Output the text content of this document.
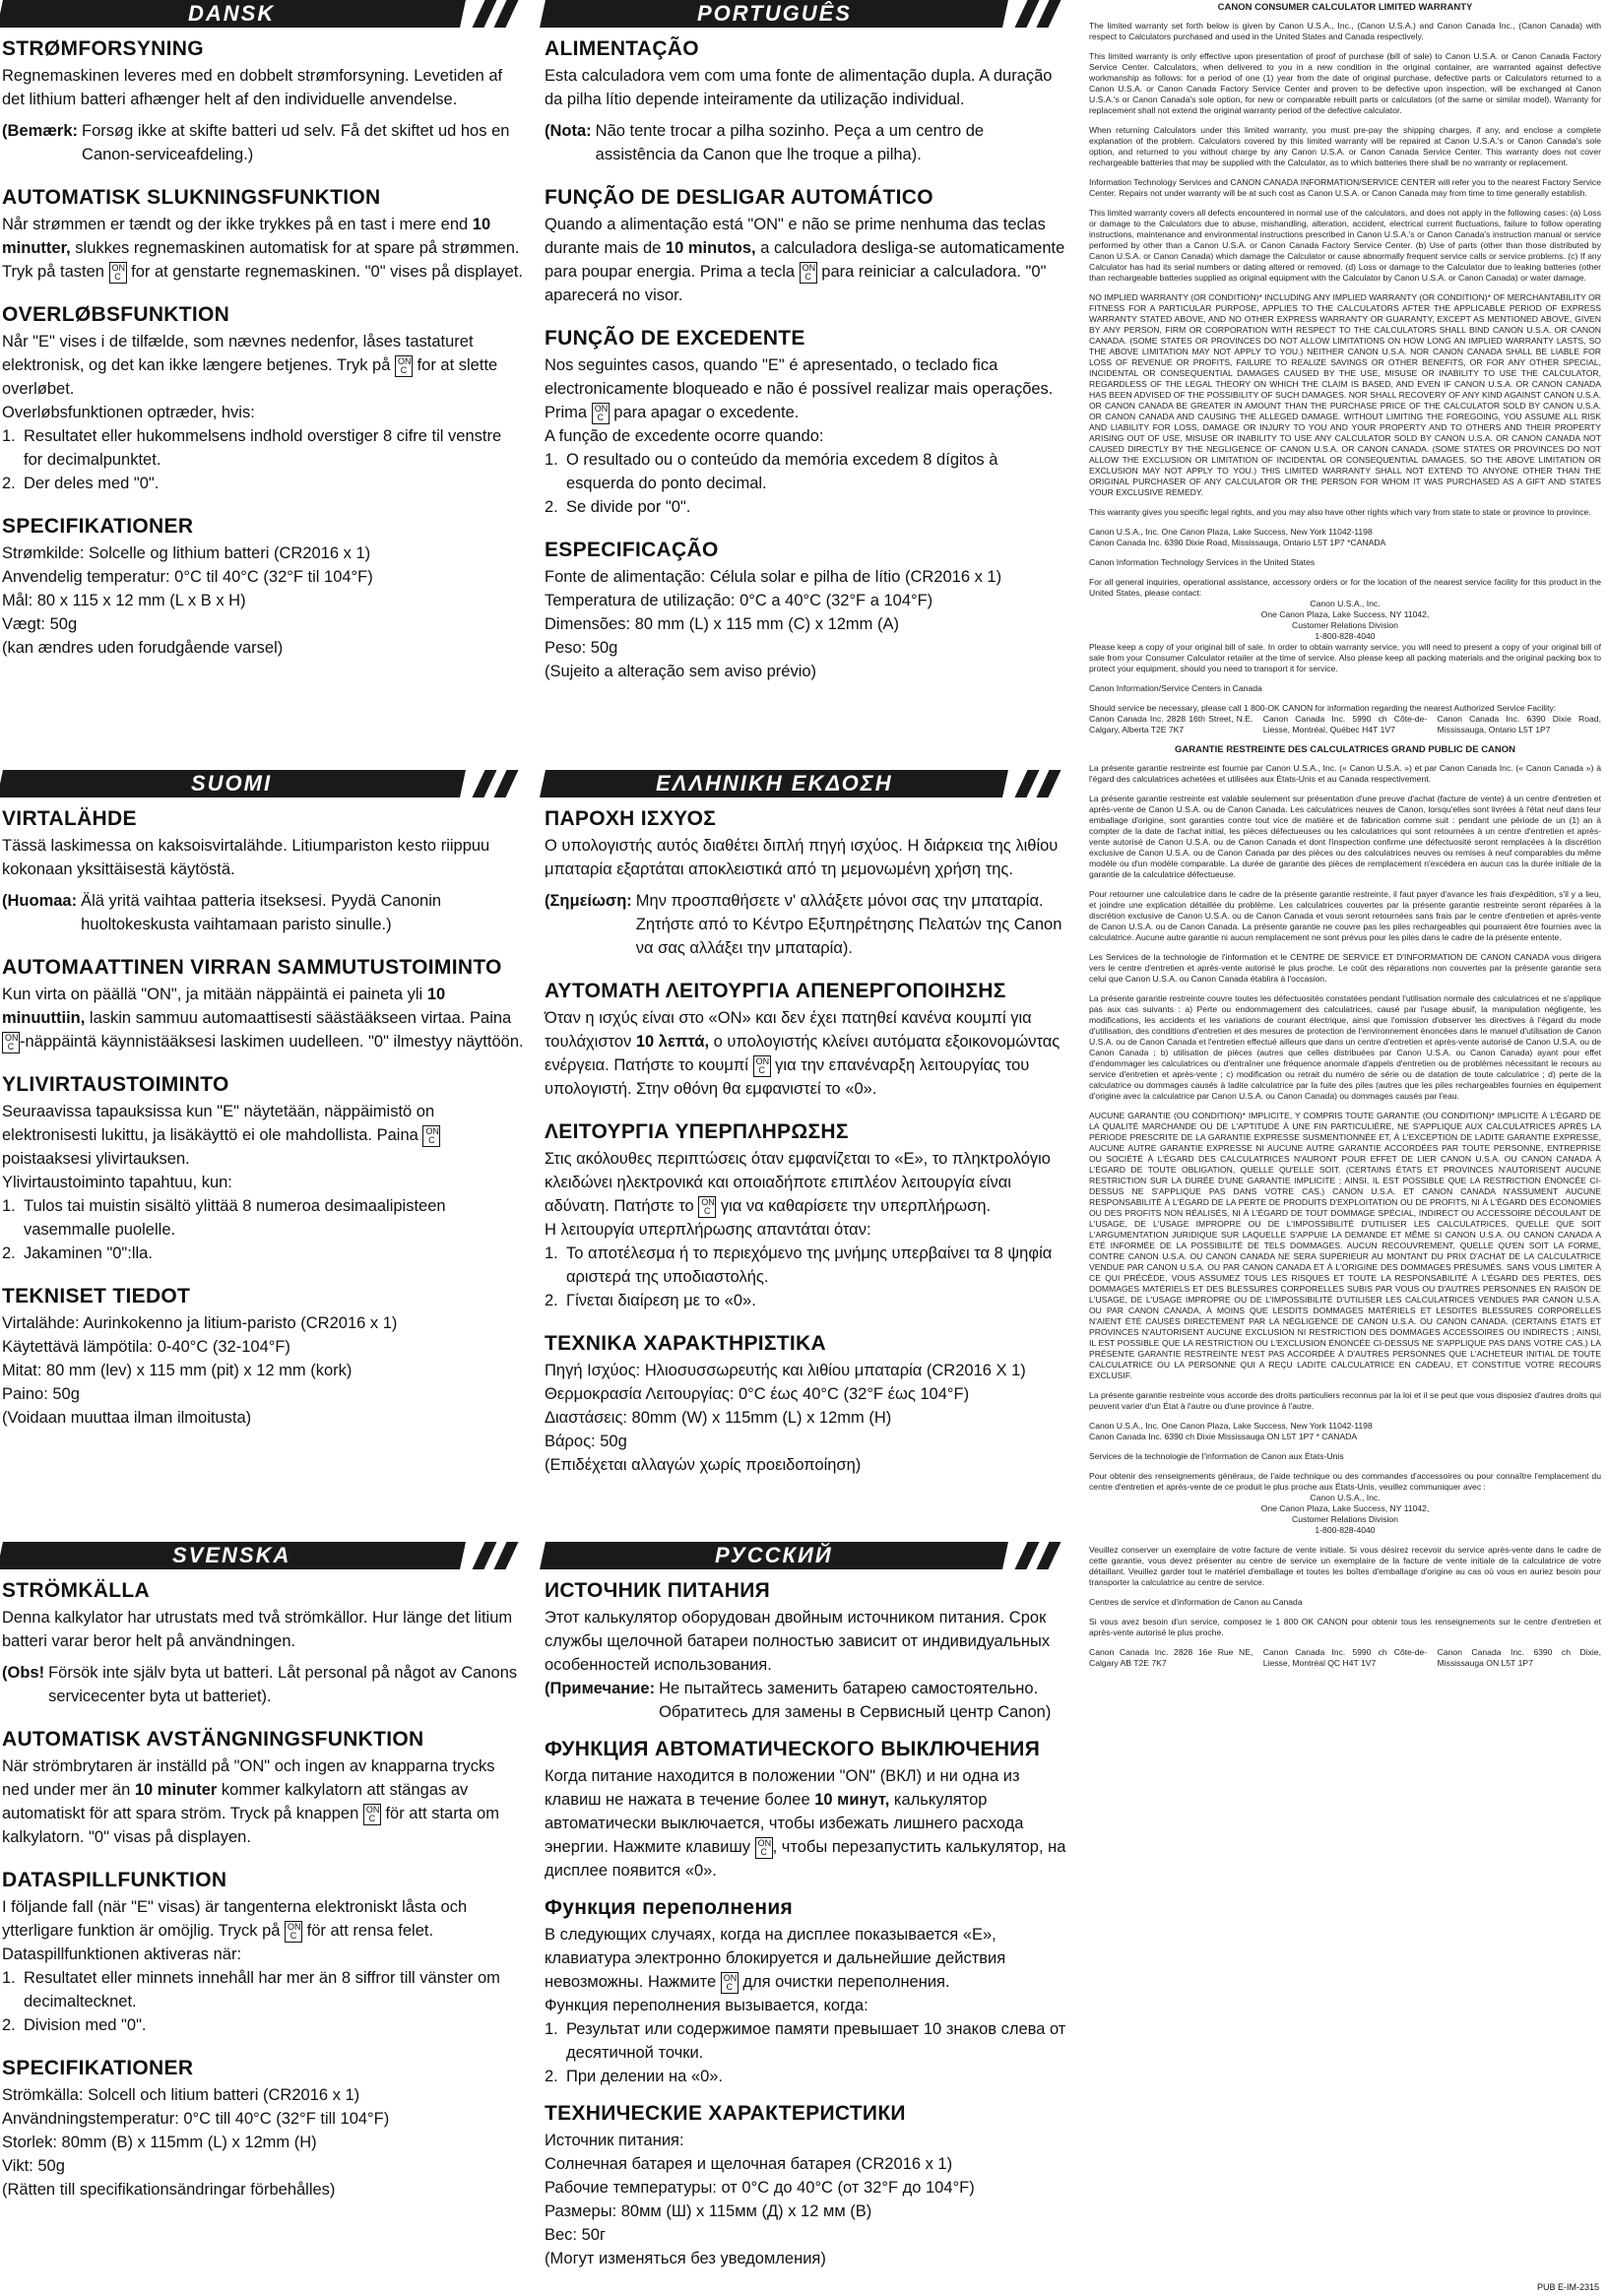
DANSK
STRØMFORSYNING

Regnemaskinen leveres med en dobbelt strømforsyning. Levetiden af det lithium batteri afhænger helt af den individuelle anvendelse.

(Bemærk: Forsøg ikke at skifte batteri ud selv. Få det skiftet ud hos en Canon-serviceafdeling.)
AUTOMATISK SLUKNINGSFUNKTION

Når strømmen er tændt og der ikke trykkes på en tast i mere end 10 minutter, slukkes regnemaskinen automatisk for at spare på strømmen. Tryk på tasten ON
C for at genstarte regnemaskinen. "0" vises på displayet.

OVERLØBSFUNKTION

Når "E" vises i de tilfælde, som nævnes nedenfor, låses tastaturet elektronisk, og det kan ikke længere betjenes. Tryk på ON
C for at slette overløbet.

Overløbsfunktionen optræder, hvis:

1. Resultatet eller hukommelsens indhold overstiger 8 cifre til venstre for decimalpunktet.
2. Der deles med "0".
SPECIFIKATIONER

Strømkilde: Solcelle og lithium batteri (CR2016 x 1)

Anvendelig temperatur: 0°C til 40°C (32°F til 104°F)

Mål: 80 x 115 x 12 mm (L x B x H)

Vægt: 50g

(kan ændres uden forudgående varsel)

PORTUGUÊS
ALIMENTAÇÃO

Esta calculadora vem com uma fonte de alimentação dupla. A duração da pilha lítio depende inteiramente da utilização individual.

(Nota: Não tente trocar a pilha sozinho. Peça a um centro de assistência da Canon que lhe troque a pilha).
FUNÇÃO DE DESLIGAR AUTOMÁTICO

Quando a alimentação está "ON" e não se prime nenhuma das teclas durante mais de 10 minutos, a calculadora desliga-se automaticamente para poupar energia. Prima a tecla ON
C para reiniciar a calculadora. "0" aparecerá no visor.

FUNÇÃO DE EXCEDENTE

Nos seguintes casos, quando "E" é apresentado, o teclado fica electronicamente bloqueado e não é possível realizar mais operações. Prima ON
C para apagar o excedente.

A função de excedente ocorre quando:

1. O resultado ou o conteúdo da memória excedem 8 dígitos à esquerda do ponto decimal.
2. Se divide por "0".
ESPECIFICAÇÃO

Fonte de alimentação: Célula solar e pilha de lítio (CR2016 x 1)

Temperatura de utilização: 0°C a 40°C (32°F a 104°F)

Dimensões: 80 mm (L) x 115 mm (C) x 12mm (A)

Peso: 50g

(Sujeito a alteração sem aviso prévio)

SUOMI
VIRTALÄHDE

Tässä laskimessa on kaksoisvirtalähde. Litiumpariston kesto riippuu kokonaan yksittäisestä käytöstä.

(Huomaa: Älä yritä vaihtaa patteria itseksesi. Pyydä Canonin huoltokeskusta vaihtamaan paristo sinulle.)
AUTOMAATTINEN VIRRAN SAMMUTUSTOIMINTO

Kun virta on päällä "ON", ja mitään näppäintä ei paineta yli 10 minuuttiin, laskin sammuu automaattisesti säästääkseen virtaa. Paina ON
C -näppäintä käynnistääksesi laskimen uudelleen. "0" ilmestyy näyttöön.

YLIVIRTAUSTOIMINTO

Seuraavissa tapauksissa kun "E" näytetään, näppäimistö on elektronisesti lukittu, ja lisäkäyttö ei ole mahdollista. Paina ON
C poistaaksesi ylivirtauksen.

Ylivirtaustoiminto tapahtuu, kun:

1. Tulos tai muistin sisältö ylittää 8 numeroa desimaalipisteen vasemmalle puolelle.
2. Jakaminen "0":lla.
TEKNISET TIEDOT

Virtalähde: Aurinkokenno ja litium-paristo (CR2016 x 1)

Käytettävä lämpötila: 0-40°C (32-104°F)

Mitat: 80 mm (lev) x 115 mm (pit) x 12 mm (kork)

Paino: 50g

(Voidaan muuttaa ilman ilmoitusta)

ΕΛΛΗΝΙΚΗ ΕΚΔΟΣΗ
ΠΑΡΟΧΗ ΙΣΧΥΟΣ

Ο υπολογιστής αυτός διαθέτει διπλή πηγή ισχύος. Η διάρκεια της λιθίου μπαταρία εξαρτάται αποκλειστικά από τη μεμονωμένη χρήση της.

(Σημείωση: Μην προσπαθήσετε ν' αλλάξετε μόνοι σας την μπαταρία. Ζητήστε από το Κέντρο Εξυπηρέτησης Πελατών της Canon να σας αλλάξει την μπαταρία).
ΑΥΤΟΜΑΤΗ ΛΕΙΤΟΥΡΓΙΑ ΑΠΕΝΕΡΓΟΠΟΙΗΣΗΣ

Όταν η ισχύς είναι στο «ON» και δεν έχει πατηθεί κανένα κουμπί για τουλάχιστον 10 λεπτά, ο υπολογιστής κλείνει αυτόματα εξοικονομώντας ενέργεια. Πατήστε το κουμπί ON
C για την επανέναρξη λειτουργίας του υπολογιστή. Στην οθόνη θα εμφανιστεί το «0».

ΛΕΙΤΟΥΡΓΙΑ ΥΠΕΡΠΛΗΡΩΣΗΣ

Στις ακόλουθες περιπτώσεις όταν εμφανίζεται το «E», το πληκτρολόγιο κλειδώνει ηλεκτρονικά και οποιαδήποτε επιπλέον λειτουργία είναι αδύνατη. Πατήστε το ON
C για να καθαρίσετε την υπερπλήρωση.

Η λειτουργία υπερπλήρωσης απαντάται όταν:

1. Το αποτέλεσμα ή το περιεχόμενο της μνήμης υπερβαίνει τα 8 ψηφία αριστερά της υποδιαστολής.
2. Γίνεται διαίρεση με το «0».
ΤΕΧΝΙΚΑ ΧΑΡΑΚΤΗΡΙΣΤΙΚΑ

Πηγή Ισχύος: Ηλιοσυσσωρευτής και λιθίου μπαταρία (CR2016 X 1)

Θερμοκρασία Λειτουργίας: 0°C έως 40°C (32°F έως 104°F)

Διαστάσεις: 80mm (W) x 115mm (L) x 12mm (H)

Βάρος: 50g

(Επιδέχεται αλλαγών χωρίς προειδοποίηση)

SVENSKA
STRÖMKÄLLA

Denna kalkylator har utrustats med två strömkällor. Hur länge det litium batteri varar beror helt på användningen.

(Obs! Försök inte själv byta ut batteri. Låt personal på något av Canons servicecenter byta ut batteriet).
AUTOMATISK AVSTÄNGNINGSFUNKTION

När strömbrytaren är inställd på "ON" och ingen av knapparna trycks ned under mer än 10 minuter kommer kalkylatorn att stängas av automatiskt för att spara ström. Tryck på knappen ON
C för att starta om kalkylatorn. "0" visas på displayen.

DATASPILLFUNKTION

I följande fall (när "E" visas) är tangenterna elektroniskt låsta och ytterligare funktion är omöjlig. Tryck på ON
C för att rensa felet.

Dataspillfunktionen aktiveras när:

1. Resultatet eller minnets innehåll har mer än 8 siffror till vänster om decimaltecknet.
2. Division med "0".
SPECIFIKATIONER

Strömkälla: Solcell och litium batteri (CR2016 x 1)

Användningstemperatur: 0°C till 40°C (32°F till 104°F)

Storlek: 80mm (B) x 115mm (L) x 12mm (H)

Vikt: 50g

(Rätten till specifikationsändringar förbehålles)

РУССКИЙ
ИСТОЧНИК ПИТАНИЯ

Этот калькулятор оборудован двойным источником питания. Срок службы щелочной батареи полностью зависит от индивидуальных особенностей использования.

(Примечание: Не пытайтесь заменить батарею самостоятельно. Обратитесь для замены в Сервисный центр Canon)
ФУНКЦИЯ АВТОМАТИЧЕСКОГО ВЫКЛЮЧЕНИЯ

Когда питание находится в положении "ON" (ВКЛ) и ни одна из клавиш не нажата в течение более 10 минут, калькулятор автоматически выключается, чтобы избежать лишнего расхода энергии. Нажмите клавишу ON
C , чтобы перезапустить калькулятор, на дисплее появится «0».

Функция переполнения

В следующих случаях, когда на дисплее показывается «E», клавиатура электронно блокируется и дальнейшие действия невозможны. Нажмите ON
C для очистки переполнения.

Функция переполнения вызывается, когда:

1. Результат или содержимое памяти превышает 10 знаков слева от десятичной точки.
2. При делении на «0».
ТЕХНИЧЕСКИЕ ХАРАКТЕРИСТИКИ

Источник питания:

Солнечная батарея и щелочная батарея (CR2016 x 1)

Рабочие температуры: от 0°C до 40°C (от 32°F до 104°F)

Размеры: 80мм (Ш) x 115мм (Д) x 12 мм (В)

Вес: 50г

(Могут изменяться без уведомления)

CANON CONSUMER CALCULATOR LIMITED WARRANTY
The limited warranty set forth below is given by Canon U.S.A., Inc., (Canon U.S.A.) and Canon Canada Inc., (Canon Canada) with respect to Calculators purchased and used in the United States and Canada respectively.
This limited warranty is only effective upon presentation of proof of purchase (bill of sale) to Canon U.S.A. or Canon Canada Factory Service Center. Calculators, when delivered to you in a new condition in the original container, are warranted against defective workmanship as follows: for a period of one (1) year from the date of original purchase, defective parts or Calculators returned to a Canon U.S.A. or Canon Canada Factory Service Center and proven to be defective upon inspection, will be exchanged at Canon U.S.A.'s or Canon Canada's sole option, for new or comparable rebuilt parts or calculators (of the same or similar model). Warranty for replacement shall not extend the original warranty period of the defective calculator.
When returning Calculators under this limited warranty, you must pre-pay the shipping charges, if any, and enclose a complete explanation of the problem. Calculators covered by this limited warranty will be repaired at Canon U.S.A.'s or Canon Canada's sole option, and returned to you without charge by any Canon U.S.A. or Canon Canada Service Center. This warranty does not cover rechargeable batteries that may be supplied with the Calculator, as to which batteries there shall be no warranty or replacement.
Information Technology Services and CANON CANADA INFORMATION/SERVICE CENTER will refer you to the nearest Factory Service Center. Repairs not under warranty will be at such cost as Canon U.S.A. or Canon Canada may from time to time generally establish.
This limited warranty covers all defects encountered in normal use of the calculators, and does not apply in the following cases: (a) Loss or damage to the Calculators due to abuse, mishandling, alteration, accident, electrical current fluctuations, failure to follow operating instructions, maintenance and environmental instructions prescribed in Canon U.S.A.'s or Canon Canada's instruction manual or service performed by other than a Canon U.S.A. or Canon Canada Factory Service Center. (b) Use of parts (other than those distributed by Canon U.S.A. or Canon Canada) which damage the Calculator or cause abnormally frequent service calls or service problems. (c) If any Calculator has had its serial numbers or dating altered or removed. (d) Loss or damage to the Calculator due to leaking batteries (other than rechargeable batteries supplied as original equipment with the Calculator by Canon U.S.A. or Canon Canada) or water damage.
NO IMPLIED WARRANTY (OR CONDITION)* INCLUDING ANY IMPLIED WARRANTY (OR CONDITION)* OF MERCHANTABILITY OR FITNESS FOR A PARTICULAR PURPOSE, APPLIES TO THE CALCULATORS AFTER THE APPLICABLE PERIOD OF EXPRESS WARRANTY STATED ABOVE, AND NO OTHER EXPRESS WARRANTY OR GUARANTY, EXCEPT AS MENTIONED ABOVE, GIVEN BY ANY PERSON, FIRM OR CORPORATION WITH RESPECT TO THE CALCULATORS SHALL BIND CANON U.S.A. OR CANON CANADA. (SOME STATES OR PROVINCES DO NOT ALLOW LIMITATIONS ON HOW LONG AN IMPLIED WARRANTY LASTS, SO THE ABOVE LIMITATION MAY NOT APPLY TO YOU.) NEITHER CANON U.S.A. NOR CANON CANADA SHALL BE LIABLE FOR LOSS OF REVENUE OR PROFITS, FAILURE TO REALIZE SAVINGS OR OTHER BENEFITS, OR FOR ANY OTHER SPECIAL, INCIDENTAL OR CONSEQUENTIAL DAMAGES CAUSED BY THE USE, MISUSE OR INABILITY TO USE THE CALCULATOR, REGARDLESS OF THE LEGAL THEORY ON WHICH THE CLAIM IS BASED, AND EVEN IF CANON U.S.A. OR CANON CANADA HAS BEEN ADVISED OF THE POSSIBILITY OF SUCH DAMAGES. NOR SHALL RECOVERY OF ANY KIND AGAINST CANON U.S.A. OR CANON CANADA BE GREATER IN AMOUNT THAN THE PURCHASE PRICE OF THE CALCULATOR SOLD BY CANON U.S.A. OR CANON CANADA AND CAUSING THE ALLEGED DAMAGE. WITHOUT LIMITING THE FOREGOING, YOU ASSUME ALL RISK AND LIABILITY FOR LOSS, DAMAGE OR INJURY TO YOU AND YOUR PROPERTY AND TO OTHERS AND THEIR PROPERTY ARISING OUT OF USE, MISUSE OR INABILITY TO USE ANY CALCULATOR SOLD BY CANON U.S.A. OR CANON CANADA NOT CAUSED DIRECTLY BY THE NEGLIGENCE OF CANON U.S.A. OR CANON CANADA. (SOME STATES OR PROVINCES DO NOT ALLOW THE EXCLUSION OR LIMITATION OF INCIDENTAL OR CONSEQUENTIAL DAMAGES, SO THE ABOVE LIMITATION OR EXCLUSION MAY NOT APPLY TO YOU.) THIS LIMITED WARRANTY SHALL NOT EXTEND TO ANYONE OTHER THAN THE ORIGINAL PURCHASER OF ANY CALCULATOR OR THE PERSON FOR WHOM IT WAS PURCHASED AS A GIFT AND STATES YOUR EXCLUSIVE REMEDY.
This warranty gives you specific legal rights, and you may also have other rights which vary from state to state or province to province.
Canon U.S.A., Inc. One Canon Plaza, Lake Success, New York 11042-1198
Canon Canada Inc. 6390 Dixie Road, Mississauga, Ontario L5T 1P7 *CANADA
Canon Information Technology Services in the United States
For all general inquiries, operational assistance, accessory orders or for the location of the nearest service facility for this product in the United States, please contact:
Canon U.S.A., Inc.
One Canon Plaza, Lake Success, NY 11042,
Customer Relations Division
1-800-828-4040
Please keep a copy of your original bill of sale. In order to obtain warranty service, you will need to present a copy of your original bill of sale from your Consumer Calculator retailer at the time of service. Also please keep all packing materials and the original packing box to protect your equipment, should you need to transport it for service.
Canon Information/Service Centers in Canada
Should service be necessary, please call 1 800-OK CANON for information regarding the nearest Authorized Service Facility:
Canon Canada Inc. 2828 16th Street, N.E. Calgary, Alberta T2E 7K7
Canon Canada Inc. 5990 ch Côte-de-Liesse, Montréal, Québec H4T 1V7
Canon Canada Inc. 6390 Dixie Road, Mississauga, Ontario L5T 1P7
GARANTIE RESTREINTE DES CALCULATRICES GRAND PUBLIC DE CANON
La présente garantie restreinte est fournie par Canon U.S.A., Inc. (« Canon U.S.A. ») et par Canon Canada Inc. (« Canon Canada ») à l'égard des calculatrices achetées et utilisées aux États-Unis et au Canada respectivement.
La présente garantie restreinte est valable seulement sur présentation d'une preuve d'achat (facture de vente) à un centre d'entretien et après-vente de Canon U.S.A. ou de Canon Canada. Les calculatrices neuves de Canon, lorsqu'elles sont livrées à l'état neuf dans leur emballage d'origine, sont garanties contre tout vice de matière et de fabrication comme suit : pendant une période de un (1) an à compter de la date de l'achat initial, les pièces défectueuses ou les calculatrices qui sont retournées à un centre d'entretien et après-vente autorisé de Canon U.S.A. ou de Canon Canada et dont l'inspection confirme une défectuosité seront remplacées à la discrétion exclusive de Canon U.S.A. ou de Canon Canada par des pièces ou des calculatrices neuves ou remises à neuf comparables du même modèle ou d'un modèle comparable. La durée de garantie des pièces de remplacement n'excédera en aucun cas la durée initiale de la garantie de la calculatrice défectueuse.
Pour retourner une calculatrice dans le cadre de la présente garantie restreinte, il faut payer d'avance les frais d'expédition, s'il y a lieu, et joindre une explication détaillée du problème. Les calculatrices couvertes par la présente garantie restreinte seront réparées à la discrétion exclusive de Canon U.S.A. ou de Canon Canada et vous seront retournées sans frais par le centre d'entretien et après-vente de Canon U.S.A. ou de Canon Canada. La présente garantie ne couvre pas les piles rechargeables qui pourraient être fournies avec la calculatrice. Aucune autre garantie ni aucun remplacement ne sont prévus pour les piles dans le cadre de la présente entente.
Les Services de la technologie de l'information et le CENTRE DE SERVICE ET D'INFORMATION DE CANON CANADA vous dirigera vers le centre d'entretien et après-vente autorisé le plus proche. Le coût des réparations non couvertes par la présente garantie sera celui que Canon U.S.A. ou Canon Canada établira à l'occasion.
La présente garantie restreinte couvre toutes les défectuosités constatées pendant l'utilisation normale des calculatrices et ne s'applique pas aux cas suivants : a) Perte ou endommagement des calculatrices, causé par l'usage abusif, la manipulation négligente, les modifications, les accidents et les variations de courant électrique, ainsi que l'omission d'observer les directives à l'égard du mode d'utilisation, des conditions d'entretien et des mesures de protection de l'environnement énoncées dans le manuel d'utilisation de Canon U.S.A. ou de Canon Canada et l'entretien effectué ailleurs que dans un centre d'entretien et après-vente autorisé de Canon U.S.A. ou de Canon Canada ; b) utilisation de pièces (autres que celles distribuées par Canon U.S.A. ou Canon Canada) ayant pour effet d'endommager les calculatrices ou d'entraîner une fréquence anormale d'appels d'entretien ou de problèmes nécessitant le recours au service d'entretien et après-vente ; c) modification ou retrait du numéro de série ou de datation de toute calculatrice ; d) perte de la calculatrice ou dommages causés à ladite calculatrice par la fuite des piles (autres que les piles rechargeables fournies en équipement d'origine avec la calculatrice par Canon U.S.A. ou Canon Canada) ou dommages causés par l'eau.
AUCUNE GARANTIE (OU CONDITION)* IMPLICITE, Y COMPRIS TOUTE GARANTIE (OU CONDITION)* IMPLICITE À L'ÉGARD DE LA QUALITÉ MARCHANDE OU DE L'APTITUDE À UNE FIN PARTICULIÈRE, NE S'APPLIQUE AUX CALCULATRICES APRÈS LA PÉRIODE PRESCRITE DE LA GARANTIE EXPRESSE SUSMENTIONNÉE ET, À L'EXCEPTION DE LADITE GARANTIE EXPRESSE, AUCUNE AUTRE GARANTIE EXPRESSE NI AUCUNE AUTRE GARANTIE ACCORDÉES PAR TOUTE PERSONNE, ENTREPRISE OU SOCIÉTÉ À L'ÉGARD DES CALCULATRICES N'AURONT POUR EFFET DE LIER CANON U.S.A. OU CANON CANADA À L'ÉGARD DE TOUTE OBLIGATION, QUELLE QU'ELLE SOIT. (CERTAINS ÉTATS ET PROVINCES N'AUTORISENT AUCUNE RESTRICTION SUR LA DURÉE D'UNE GARANTIE IMPLICITE ; AINSI, IL EST POSSIBLE QUE LA RESTRICTION ÉNONCÉE CI-DESSUS NE S'APPLIQUE PAS DANS VOTRE CAS.) CANON U.S.A. ET CANON CANADA N'ASSUMENT AUCUNE RESPONSABILITÉ À L'ÉGARD DE LA PERTE DE PRODUITS D'EXPLOITATION OU DE PROFITS, NI À L'ÉGARD DES ÉCONOMIES OU DES PROFITS NON RÉALISÉS, NI À L'ÉGARD DE TOUT DOMMAGE SPÉCIAL, INDIRECT OU ACCESSOIRE DÉCOULANT DE L'USAGE, DE L'USAGE IMPROPRE OU DE L'IMPOSSIBILITÉ D'UTILISER LES CALCULATRICES, QUELLE QUE SOIT L'ARGUMENTATION JURIDIQUE SUR LAQUELLE S'APPUIE LA DEMANDE ET MÊME SI CANON U.S.A. OU CANON CANADA A ÉTÉ INFORMÉE DE LA POSSIBILITÉ DE TELS DOMMAGES. AUCUN RECOUVREMENT, QUELLE QU'EN SOIT LA FORME, CONTRE CANON U.S.A. OU CANON CANADA NE SERA SUPÉRIEUR AU MONTANT DU PRIX D'ACHAT DE LA CALCULATRICE VENDUE PAR CANON U.S.A. OU PAR CANON CANADA ET À L'ORIGINE DES DOMMAGES PRÉSUMÉS. SANS VOUS LIMITER À CE QUI PRÉCÈDE, VOUS ASSUMEZ TOUS LES RISQUES ET TOUTE LA RESPONSABILITÉ À L'ÉGARD DES PERTES, DES DOMMAGES MATÉRIELS ET DES BLESSURES CORPORELLES SUBIS PAR VOUS OU D'AUTRES PERSONNES EN RAISON DE L'USAGE, DE L'USAGE IMPROPRE OU DE L'IMPOSSIBILITÉ D'UTILISER LES CALCULATRICES VENDUES PAR CANON U.S.A. OU PAR CANON CANADA, À MOINS QUE LESDITS DOMMAGES MATÉRIELS ET LESDITES BLESSURES CORPORELLES N'AIENT ÉTÉ CAUSÉS DIRECTEMENT PAR LA NÉGLIGENCE DE CANON U.S.A. OU CANON CANADA. (CERTAINS ÉTATS ET PROVINCES N'AUTORISENT AUCUNE EXCLUSION NI RESTRICTION DES DOMMAGES ACCESSOIRES OU INDIRECTS ; AINSI, IL EST POSSIBLE QUE LA RESTRICTION OU L'EXCLUSION ÉNONCÉE CI-DESSUS NE S'APPLIQUE PAS DANS VOTRE CAS.) LA PRÉSENTE GARANTIE RESTREINTE N'EST PAS ACCORDÉE À D'AUTRES PERSONNES QUE L'ACHETEUR INITIAL DE TOUTE CALCULATRICE OU LA PERSONNE QUI A REÇU LADITE CALCULATRICE EN CADEAU, ET CONSTITUE VOTRE RECOURS EXCLUSIF.
La présente garantie restreinte vous accorde des droits particuliers reconnus par la loi et il se peut que vous disposiez d'autres droits qui peuvent varier d'un État à l'autre ou d'une province à l'autre.
Canon U.S.A., Inc. One Canon Plaza, Lake Success, New York 11042-1198
Canon Canada Inc. 6390 ch Dixie Mississauga ON L5T 1P7 * CANADA
Services de la technologie de l'information de Canon aux États-Unis
Pour obtenir des renseignements généraux, de l'aide technique ou des commandes d'accessoires ou pour connaître l'emplacement du centre d'entretien et après-vente de ce produit le plus proche aux États-Unis, veuillez communiquer avec :
Canon U.S.A., Inc.
One Canon Plaza, Lake Success, NY 11042,
Customer Relations Division
1-800-828-4040
Veuillez conserver un exemplaire de votre facture de vente initiale. Si vous désirez recevoir du service après-vente dans le cadre de cette garantie, vous devez présenter au centre de service un exemplaire de la facture de vente initiale de la calculatrice de votre détaillant. Veuillez garder tout le matériel d'emballage et toutes les boîtes d'emballage d'origine au cas où vous en auriez besoin pour transporter la calculatrice au centre de service.
Centres de service et d'information de Canon au Canada
Si vous avez besoin d'un service, composez le 1 800 OK CANON pour obtenir tous les renseignements sur le centre d'entretien et après-vente autorisé le plus proche.
Canon Canada Inc. 2828 16e Rue NE, Calgary AB T2E 7K7
Canon Canada Inc. 5990 ch Côte-de-Liesse, Montréal QC H4T 1V7
Canon Canada Inc. 6390 ch Dixie, Mississauga ON L5T 1P7
PUB E-IM-2315
